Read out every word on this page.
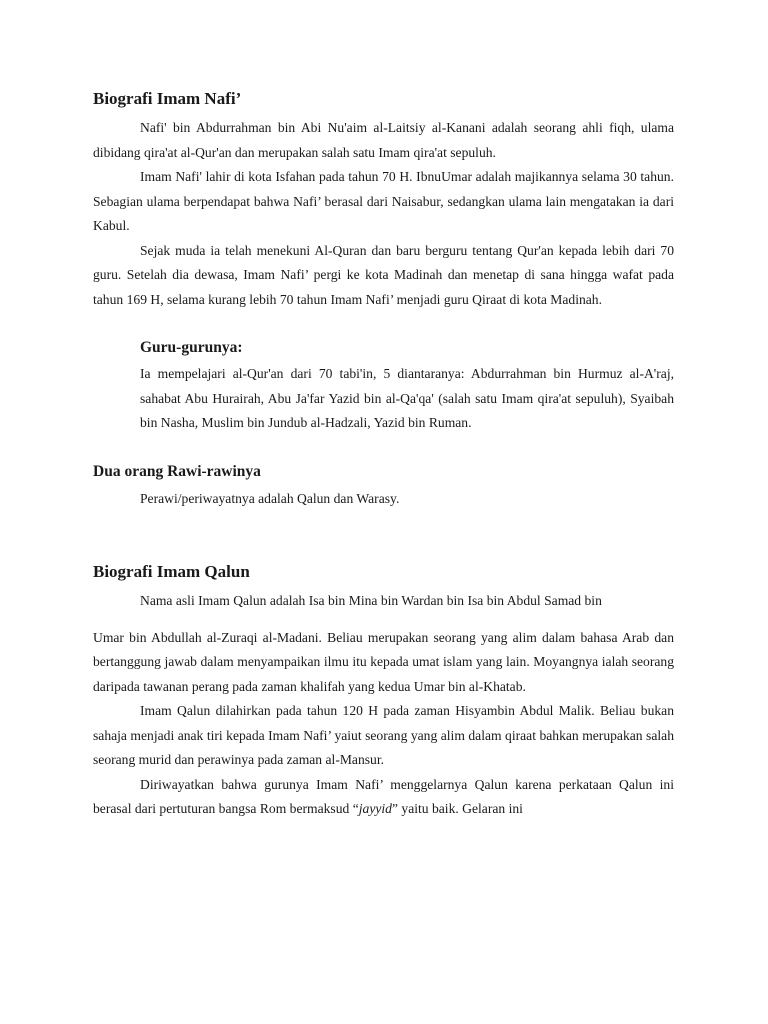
Biografi Imam Nafi’

Nafi' bin Abdurrahman bin Abi Nu'aim al-Laitsiy al-Kanani adalah seorang ahli fiqh, ulama dibidang qira'at al-Qur'an dan merupakan salah satu Imam qira'at sepuluh.

Imam Nafi' lahir di kota Isfahan pada tahun 70 H. IbnuUmar adalah majikannya selama 30 tahun. Sebagian ulama berpendapat bahwa Nafi’ berasal dari Naisabur, sedangkan ulama lain mengatakan ia dari Kabul.

Sejak muda ia telah menekuni Al-Quran dan baru berguru tentang Qur'an kepada lebih dari 70 guru. Setelah dia dewasa, Imam Nafi’ pergi ke kota Madinah dan menetap di sana hingga wafat pada tahun 169 H, selama kurang lebih 70 tahun Imam Nafi’ menjadi guru Qiraat di kota Madinah.

Guru-gurunya:

Ia mempelajari al-Qur'an dari 70 tabi'in, 5 diantaranya: Abdurrahman bin Hurmuz al-A'raj, sahabat Abu Hurairah, Abu Ja'far Yazid bin al-Qa'qa' (salah satu Imam qira'at sepuluh), Syaibah bin Nasha, Muslim bin Jundub al-Hadzali, Yazid bin Ruman.

Dua orang Rawi-rawinya

Perawi/periwayatnya adalah Qalun dan Warasy.

Biografi Imam Qalun

Nama asli Imam Qalun adalah Isa bin Mina bin Wardan bin Isa bin Abdul Samad bin

Umar bin Abdullah al-Zuraqi al-Madani. Beliau merupakan seorang yang alim dalam bahasa Arab dan bertanggung jawab dalam menyampaikan ilmu itu kepada umat islam yang lain. Moyangnya ialah seorang daripada tawanan perang pada zaman khalifah yang kedua Umar bin al-Khatab.

Imam Qalun dilahirkan pada tahun 120 H pada zaman Hisyambin Abdul Malik. Beliau bukan sahaja menjadi anak tiri kepada Imam Nafi’ yaiut seorang yang alim dalam qiraat bahkan merupakan salah seorang murid dan perawinya pada zaman al-Mansur.

Diriwayatkan bahwa gurunya Imam Nafi’ menggelarnya Qalun karena perkataan Qalun ini berasal dari pertuturan bangsa Rom bermaksud “jayyid” yaitu baik. Gelaran ini
